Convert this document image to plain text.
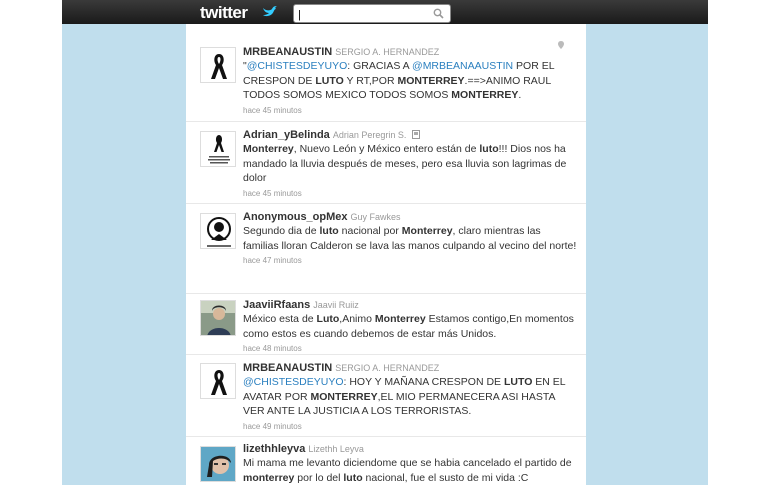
twitter
|
MRBEANAUSTIN SERGIO A. HERNANDEZ
"@CHISTESDEYUYO: GRACIAS A @MRBEANAAUSTIN POR EL CRESPON DE LUTO Y RT,POR MONTERREY.==>ANIMO RAUL TODOS SOMOS MEXICO TODOS SOMOS MONTERREY.
hace 45 minutos
Adrian_yBelinda Adrian Peregrin S.
Monterrey, Nuevo León y México entero están de luto!!! Dios nos ha mandado la lluvia después de meses, pero esa lluvia son lagrimas de dolor
hace 45 minutos
Anonymous_opMex Guy Fawkes
Segundo dia de luto nacional por Monterrey, claro mientras las familias lloran Calderon se lava las manos culpando al vecino del norte!
hace 47 minutos
JaaviiRfaans Jaavii Ruiiz
México esta de Luto,Animo Monterrey Estamos contigo,En momentos como estos es cuando debemos de estar más Unidos.
hace 48 minutos
MRBEANAUSTIN SERGIO A. HERNANDEZ
@CHISTESDEYUYO: HOY Y MAÑANA CRESPON DE LUTO EN EL AVATAR POR MONTERREY,EL MIO PERMANECERA ASI HASTA VER ANTE LA JUSTICIA A LOS TERRORISTAS.
hace 49 minutos
lizethhleyva Lizethh Leyva
Mi mama me levanto diciendome que se habia cancelado el partido de monterrey por lo del luto nacional, fue el susto de mi vida :C
